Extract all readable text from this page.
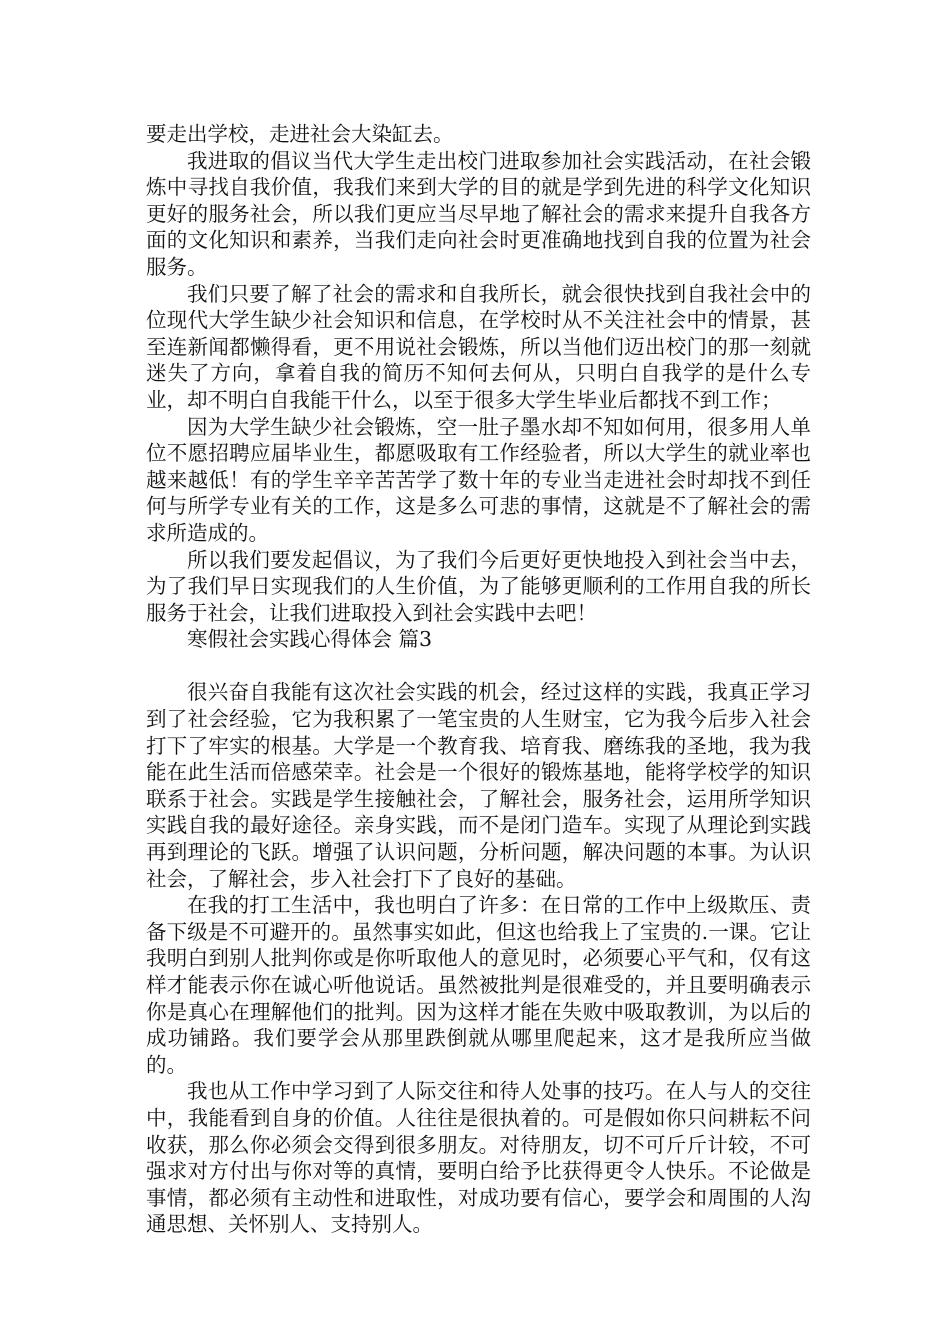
要走出学校，走进社会大染缸去。

我进取的倡议当代大学生走出校门进取参加社会实践活动，在社会锻炼中寻找自我价值，我我们来到大学的目的就是学到先进的科学文化知识更好的服务社会，所以我们更应当尽早地了解社会的需求来提升自我各方面的文化知识和素养，当我们走向社会时更准确地找到自我的位置为社会服务。

我们只要了解了社会的需求和自我所长，就会很快找到自我社会中的位现代大学生缺少社会知识和信息，在学校时从不关注社会中的情景，甚至连新闻都懒得看，更不用说社会锻炼，所以当他们迈出校门的那一刻就迷失了方向，拿着自我的简历不知何去何从，只明白自我学的是什么专业，却不明白自我能干什么，以至于很多大学生毕业后都找不到工作；

因为大学生缺少社会锻炼，空一肚子墨水却不知如何用，很多用人单位不愿招聘应届毕业生，都愿吸取有工作经验者，所以大学生的就业率也越来越低！有的学生辛辛苦苦学了数十年的专业当走进社会时却找不到任何与所学专业有关的工作，这是多么可悲的事情，这就是不了解社会的需求所造成的。

所以我们要发起倡议，为了我们今后更好更快地投入到社会当中去，为了我们早日实现我们的人生价值，为了能够更顺利的工作用自我的所长服务于社会，让我们进取投入到社会实践中去吧！

寒假社会实践心得体会 篇3

很兴奋自我能有这次社会实践的机会，经过这样的实践，我真正学习到了社会经验，它为我积累了一笔宝贵的人生财宝，它为我今后步入社会打下了牢实的根基。大学是一个教育我、培育我、磨练我的圣地，我为我能在此生活而倍感荣幸。社会是一个很好的锻炼基地，能将学校学的知识联系于社会。实践是学生接触社会，了解社会，服务社会，运用所学知识实践自我的最好途径。亲身实践，而不是闭门造车。实现了从理论到实践再到理论的飞跃。增强了认识问题，分析问题，解决问题的本事。为认识社会，了解社会，步入社会打下了良好的基础。

在我的打工生活中，我也明白了许多：在日常的工作中上级欺压、责备下级是不可避开的。虽然事实如此，但这也给我上了宝贵的.一课。它让我明白到别人批判你或是你听取他人的意见时，必须要心平气和，仅有这样才能表示你在诚心听他说话。虽然被批判是很难受的，并且要明确表示你是真心在理解他们的批判。因为这样才能在失败中吸取教训，为以后的成功铺路。我们要学会从那里跌倒就从哪里爬起来，这才是我所应当做的。

我也从工作中学习到了人际交往和待人处事的技巧。在人与人的交往中，我能看到自身的价值。人往往是很执着的。可是假如你只问耕耘不问收获，那么你必须会交得到很多朋友。对待朋友，切不可斤斤计较，不可强求对方付出与你对等的真情，要明白给予比获得更令人快乐。不论做是事情，都必须有主动性和进取性，对成功要有信心，要学会和周围的人沟通思想、关怀别人、支持别人。
